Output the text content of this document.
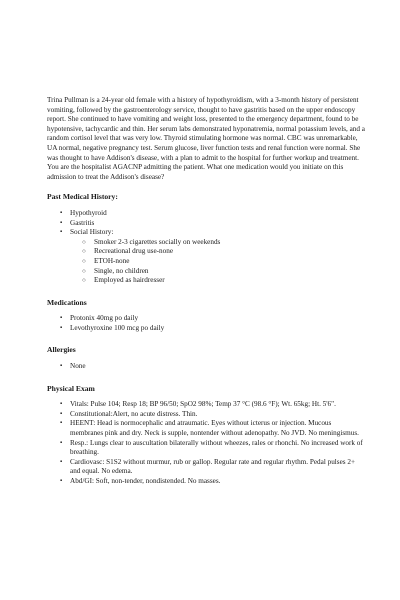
Trina Pullman is a 24-year old female with a history of hypothyroidism, with a 3-month history of persistent vomiting, followed by the gastroenterology service, thought to have gastritis based on the upper endoscopy report. She continued to have vomiting and weight loss, presented to the emergency department, found to be hypotensive, tachycardic and thin. Her serum labs demonstrated hyponatremia, normal potassium levels, and a random cortisol level that was very low. Thyroid stimulating hormone was normal. CBC was unremarkable, UA normal, negative pregnancy test. Serum glucose, liver function tests and renal function were normal. She was thought to have Addison's disease, with a plan to admit to the hospital for further workup and treatment. You are the hospitalist AGACNP admitting the patient. What one medication would you initiate on this admission to treat the Addison's disease?

Past Medical History:
▪ Hypothyroid
▪ Gastritis
▪ Social History:
○ Smoker 2-3 cigarettes socially on weekends
○ Recreational drug use-none
○ ETOH-none
○ Single, no children
○ Employed as hairdresser
Medications
▪ Protonix 40mg po daily
▪ Levothyroxine 100 mcg po daily
Allergies
▪ None
Physical Exam
▪ Vitals: Pulse 104; Resp 18; BP 96/50; SpO2 98%; Temp 37 °C (98.6 °F); Wt. 65kg; Ht. 5'6".
▪ Constitutional:Alert, no acute distress. Thin.
▪ HEENT: Head is normocephalic and atraumatic. Eyes without icterus or injection. Mucous membranes pink and dry. Neck is supple, nontender without adenopathy. No JVD. No meningismus.
▪ Resp.: Lungs clear to auscultation bilaterally without wheezes, rales or rhonchi. No increased work of breathing.
▪ Cardiovasc: S1S2 without murmur, rub or gallop. Regular rate and regular rhythm. Pedal pulses 2+ and equal. No edema.
▪ Abd/GI: Soft, non-tender, nondistended. No masses.
